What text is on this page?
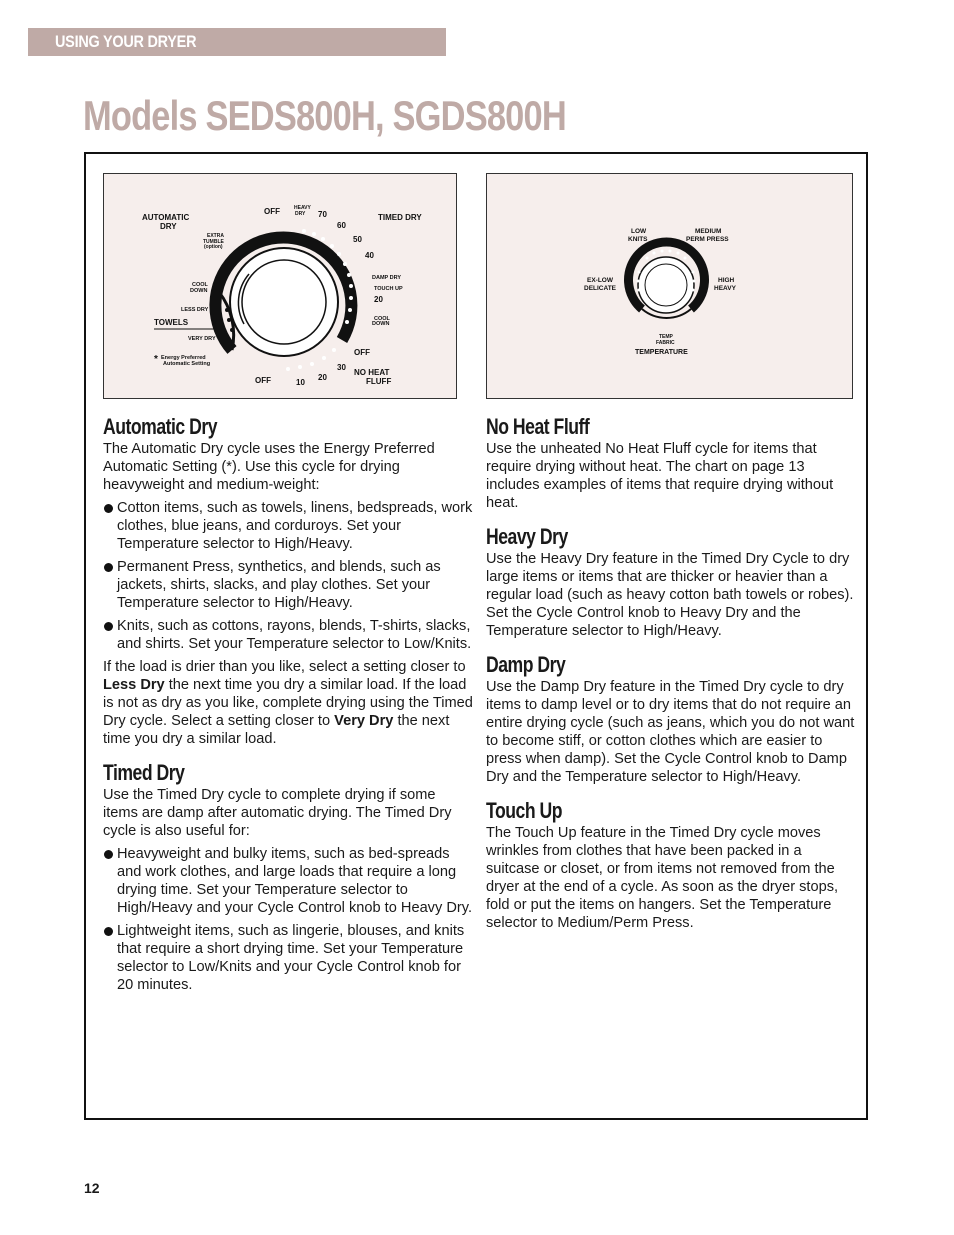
USING YOUR DRYER
Models SEDS800H, SGDS800H
AUTOMATIC
DRY
EXTRA
TUMBLE
(option)
OFF	HEAVY
DRY 70
60
50
40
TIMED DRY
DAMP DRY
TOUCH UP
20
COOL
DOWN
OFF
COOL
DOWN
LESS DRY
TOWELS *
VERY DRY
* Energy Preferred
Automatic Setting
OFF	10
20
30
NO HEAT
FLUFF
LOW
KNITS
MEDIUM
PERM PRESS
EX-LOW
DELICATE
HIGH
HEAVY
TEMP
FABRIC
TEMPERATURE
Automatic Dry

The Automatic Dry cycle uses the Energy Preferred Automatic Setting (*). Use this cycle for drying heavyweight and medium-weight:

Cotton items, such as towels, linens, bedspreads, work clothes, blue jeans, and corduroys. Set your Temperature selector to High/Heavy.
Permanent Press, synthetics, and blends, such as jackets, shirts, slacks, and play clothes. Set your Temperature selector to High/Heavy.
Knits, such as cottons, rayons, blends, T-shirts, slacks, and shirts. Set your Temperature selector to Low/Knits.

If the load is drier than you like, select a setting closer to Less Dry the next time you dry a similar load. If the load is not as dry as you like, complete drying using the Timed Dry cycle. Select a setting closer to Very Dry the next time you dry a similar load.

Timed Dry

Use the Timed Dry cycle to complete drying if some items are damp after automatic drying. The Timed Dry cycle is also useful for:

Heavyweight and bulky items, such as bed-spreads and work clothes, and large loads that require a long drying time. Set your Temperature selector to High/Heavy and your Cycle Control knob to Heavy Dry.
Lightweight items, such as lingerie, blouses, and knits that require a short drying time. Set your Temperature selector to Low/Knits and your Cycle Control knob for 20 minutes.
No Heat Fluff

Use the unheated No Heat Fluff cycle for items that require drying without heat. The chart on page 13 includes examples of items that require drying without heat.

Heavy Dry

Use the Heavy Dry feature in the Timed Dry Cycle to dry large items or items that are thicker or heavier than a regular load (such as heavy cotton bath towels or robes). Set the Cycle Control knob to Heavy Dry and the Temperature selector to High/Heavy.

Damp Dry

Use the Damp Dry feature in the Timed Dry cycle to dry items to damp level or to dry items that do not require an entire drying cycle (such as jeans, which you do not want to become stiff, or cotton clothes which are easier to press when damp). Set the Cycle Control knob to Damp Dry and the Temperature selector to High/Heavy.

Touch Up

The Touch Up feature in the Timed Dry cycle moves wrinkles from clothes that have been packed in a suitcase or closet, or from items not removed from the dryer at the end of a cycle. As soon as the dryer stops, fold or put the items on hangers. Set the Temperature selector to Medium/Perm Press.

12
